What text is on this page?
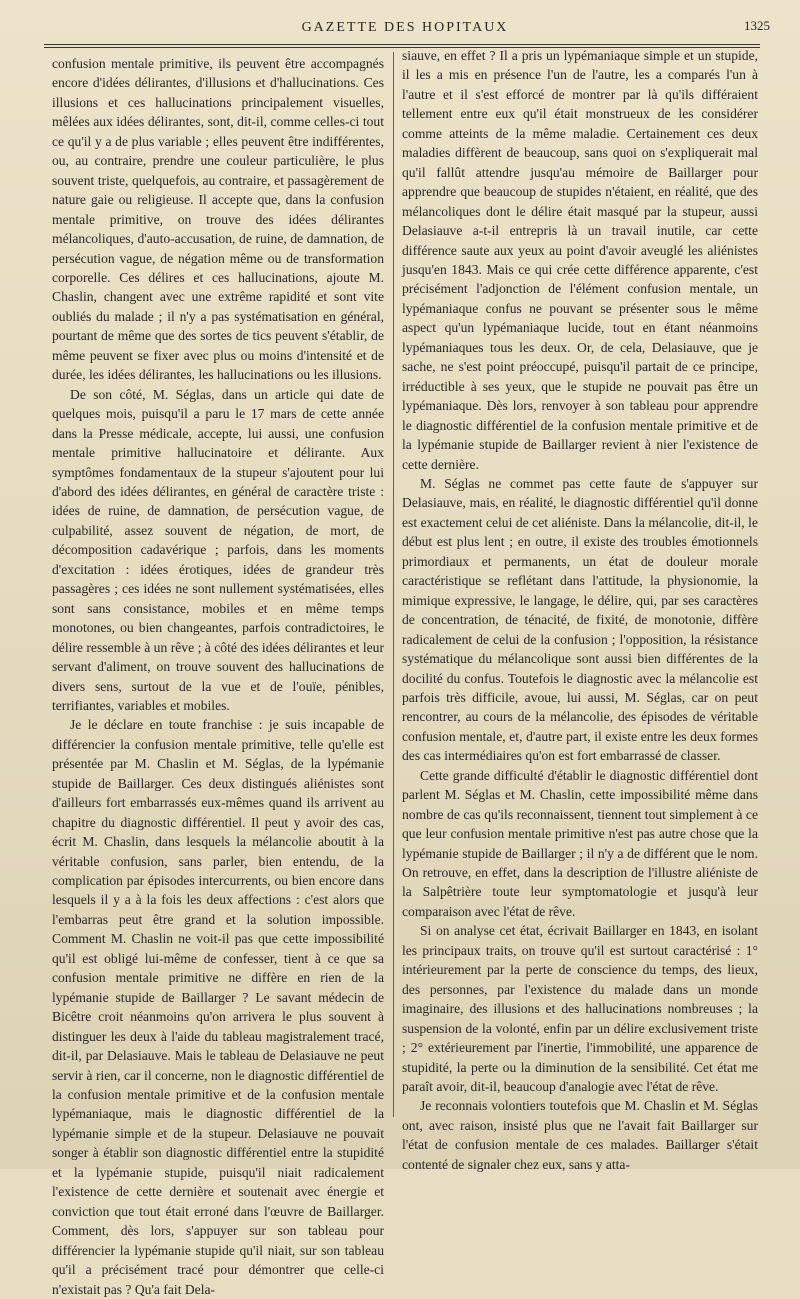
GAZETTE DES HOPITAUX	1325

confusion mentale primitive, ils peuvent être accompagnés encore d'idées délirantes, d'illusions et d'hallucinations. Ces illusions et ces hallucinations principalement visuelles, mêlées aux idées délirantes, sont, dit-il, comme celles-ci tout ce qu'il y a de plus variable ; elles peuvent être indifférentes, ou, au contraire, prendre une couleur particulière, le plus souvent triste, quelquefois, au contraire, et passagèrement de nature gaie ou religieuse. Il accepte que, dans la confusion mentale primitive, on trouve des idées délirantes mélancoliques, d'auto-accusation, de ruine, de damnation, de persécution vague, de négation même ou de transformation corporelle. Ces délires et ces hallucinations, ajoute M. Chaslin, changent avec une extrême rapidité et sont vite oubliés du malade ; il n'y a pas systématisation en général, pourtant de même que des sortes de tics peuvent s'établir, de même peuvent se fixer avec plus ou moins d'intensité et de durée, les idées délirantes, les hallucinations ou les illusions.

De son côté, M. Séglas, dans un article qui date de quelques mois, puisqu'il a paru le 17 mars de cette année dans la Presse médicale, accepte, lui aussi, une confusion mentale primitive hallucinatoire et délirante. Aux symptômes fondamentaux de la stupeur s'ajoutent pour lui d'abord des idées délirantes, en général de caractère triste : idées de ruine, de damnation, de persécution vague, de culpabilité, assez souvent de négation, de mort, de décomposition cadavérique ; parfois, dans les moments d'excitation : idées érotiques, idées de grandeur très passagères ; ces idées ne sont nullement systématisées, elles sont sans consistance, mobiles et en même temps monotones, ou bien changeantes, parfois contradictoires, le délire ressemble à un rêve ; à côté des idées délirantes et leur servant d'aliment, on trouve souvent des hallucinations de divers sens, surtout de la vue et de l'ouïe, pénibles, terrifiantes, variables et mobiles.

Je le déclare en toute franchise : je suis incapable de différencier la confusion mentale primitive, telle qu'elle est présentée par M. Chaslin et M. Séglas, de la lypémanie stupide de Baillarger. Ces deux distingués aliénistes sont d'ailleurs fort embarrassés eux-mêmes quand ils arrivent au chapitre du diagnostic différentiel. Il peut y avoir des cas, écrit M. Chaslin, dans lesquels la mélancolie aboutit à la véritable confusion, sans parler, bien entendu, de la complication par épisodes intercurrents, ou bien encore dans lesquels il y a à la fois les deux affections : c'est alors que l'embarras peut être grand et la solution impossible. Comment M. Chaslin ne voit-il pas que cette impossibilité qu'il est obligé lui-même de confesser, tient à ce que sa confusion mentale primitive ne diffère en rien de la lypémanie stupide de Baillarger ? Le savant médecin de Bicêtre croit néanmoins qu'on arrivera le plus souvent à distinguer les deux à l'aide du tableau magistralement tracé, dit-il, par Delasiauve. Mais le tableau de Delasiauve ne peut servir à rien, car il concerne, non le diagnostic différentiel de la confusion mentale primitive et de la confusion mentale lypémaniaque, mais le diagnostic différentiel de la lypémanie simple et de la stupeur. Delasiauve ne pouvait songer à établir son diagnostic différentiel entre la stupidité et la lypémanie stupide, puisqu'il niait radicalement l'existence de cette dernière et soutenait avec énergie et conviction que tout était erroné dans l'œuvre de Baillarger. Comment, dès lors, s'appuyer sur son tableau pour différencier la lypémanie stupide qu'il niait, sur son tableau qu'il a précisément tracé pour démontrer que celle-ci n'existait pas ? Qu'a fait Dela-

siauve, en effet ? Il a pris un lypémaniaque simple et un stupide, il les a mis en présence l'un de l'autre, les a comparés l'un à l'autre et il s'est efforcé de montrer par là qu'ils différaient tellement entre eux qu'il était monstrueux de les considérer comme atteints de la même maladie. Certainement ces deux maladies diffèrent de beaucoup, sans quoi on s'expliquerait mal qu'il fallût attendre jusqu'au mémoire de Baillarger pour apprendre que beaucoup de stupides n'étaient, en réalité, que des mélancoliques dont le délire était masqué par la stupeur, aussi Delasiauve a-t-il entrepris là un travail inutile, car cette différence saute aux yeux au point d'avoir aveuglé les aliénistes jusqu'en 1843. Mais ce qui crée cette différence apparente, c'est précisément l'adjonction de l'élément confusion mentale, un lypémaniaque confus ne pouvant se présenter sous le même aspect qu'un lypémaniaque lucide, tout en étant néanmoins lypémaniaques tous les deux. Or, de cela, Delasiauve, que je sache, ne s'est point préoccupé, puisqu'il partait de ce principe, irréductible à ses yeux, que le stupide ne pouvait pas être un lypémaniaque. Dès lors, renvoyer à son tableau pour apprendre le diagnostic différentiel de la confusion mentale primitive et de la lypémanie stupide de Baillarger revient à nier l'existence de cette dernière.

M. Séglas ne commet pas cette faute de s'appuyer sur Delasiauve, mais, en réalité, le diagnostic différentiel qu'il donne est exactement celui de cet aliéniste. Dans la mélancolie, dit-il, le début est plus lent ; en outre, il existe des troubles émotionnels primordiaux et permanents, un état de douleur morale caractéristique se reflétant dans l'attitude, la physionomie, la mimique expressive, le langage, le délire, qui, par ses caractères de concentration, de ténacité, de fixité, de monotonie, diffère radicalement de celui de la confusion ; l'opposition, la résistance systématique du mélancolique sont aussi bien différentes de la docilité du confus. Toutefois le diagnostic avec la mélancolie est parfois très difficile, avoue, lui aussi, M. Séglas, car on peut rencontrer, au cours de la mélancolie, des épisodes de véritable confusion mentale, et, d'autre part, il existe entre les deux formes des cas intermédiaires qu'on est fort embarrassé de classer.

Cette grande difficulté d'établir le diagnostic différentiel dont parlent M. Séglas et M. Chaslin, cette impossibilité même dans nombre de cas qu'ils reconnaissent, tiennent tout simplement à ce que leur confusion mentale primitive n'est pas autre chose que la lypémanie stupide de Baillarger ; il n'y a de différent que le nom. On retrouve, en effet, dans la description de l'illustre aliéniste de la Salpêtrière toute leur symptomatologie et jusqu'à leur comparaison avec l'état de rêve.

Si on analyse cet état, écrivait Baillarger en 1843, en isolant les principaux traits, on trouve qu'il est surtout caractérisé : 1° intérieurement par la perte de conscience du temps, des lieux, des personnes, par l'existence du malade dans un monde imaginaire, des illusions et des hallucinations nombreuses ; la suspension de la volonté, enfin par un délire exclusivement triste ; 2° extérieurement par l'inertie, l'immobilité, une apparence de stupidité, la perte ou la diminution de la sensibilité. Cet état me paraît avoir, dit-il, beaucoup d'analogie avec l'état de rêve.

Je reconnais volontiers toutefois que M. Chaslin et M. Séglas ont, avec raison, insisté plus que ne l'avait fait Baillarger sur l'état de confusion mentale de ces malades. Baillarger s'était contenté de signaler chez eux, sans y atta-
